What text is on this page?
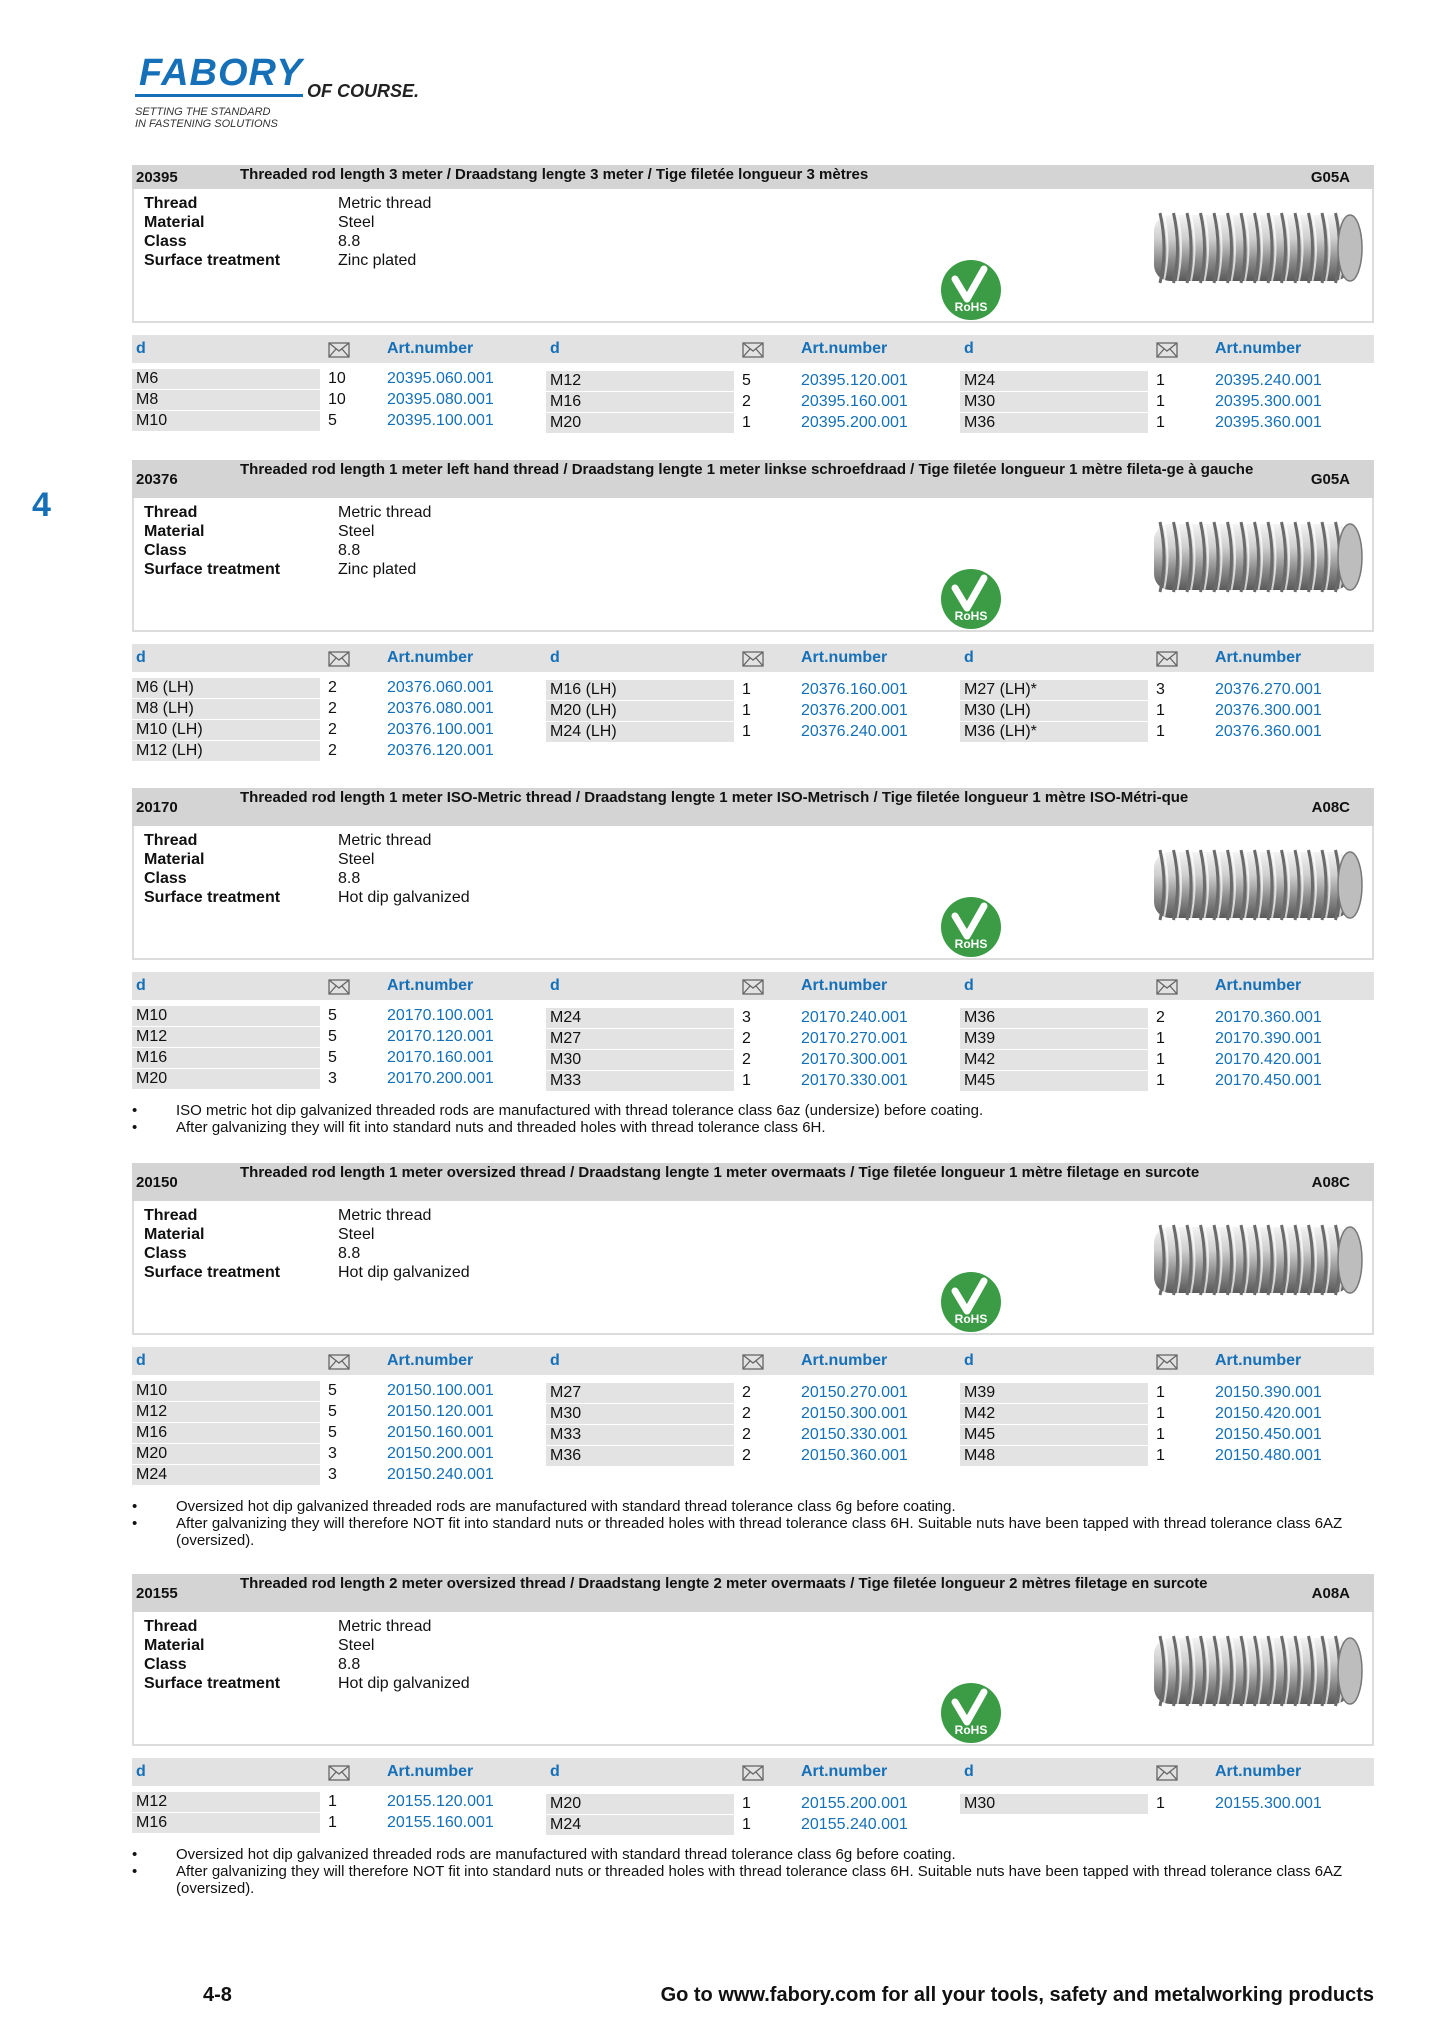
FABORY OF COURSE.
SETTING THE STANDARD
IN FASTENING SOLUTIONS
4
20395	Threaded rod length 3 meter / Draadstang lengte 3 meter / Tige filetée longueur 3 mètres	G05A
Thread	Metric thread
Material	Steel
Class	8.8
Surface treatment	Zinc plated
RoHS
d	Art.number	d	Art.number	d	Art.number
M6	10	20395.060.001
M8	10	20395.080.001
M10	5	20395.100.001
M12	5	20395.120.001
M16	2	20395.160.001
M20	1	20395.200.001
M24	1	20395.240.001
M30	1	20395.300.001
M36	1	20395.360.001
20376
Threaded rod length 1 meter left hand thread / Draadstang lengte 1 meter linkse schroefdraad / Tige filetée longueur 1 mètre fileta-ge à gauche
G05A
Thread	Metric thread
Material	Steel
Class	8.8
Surface treatment	Zinc plated
RoHS
d	Art.number	d	Art.number	d	Art.number
M6 (LH)	2	20376.060.001
M8 (LH)	2	20376.080.001
M10 (LH)	2	20376.100.001
M12 (LH)	2	20376.120.001
M16 (LH)	1	20376.160.001
M20 (LH)	1	20376.200.001
M24 (LH)	1	20376.240.001
M27 (LH)*	3	20376.270.001
M30 (LH)	1	20376.300.001
M36 (LH)*	1	20376.360.001
20170
Threaded rod length 1 meter ISO-Metric thread / Draadstang lengte 1 meter ISO-Metrisch / Tige filetée longueur 1 mètre ISO-Métri-que
A08C
Thread	Metric thread
Material	Steel
Class	8.8
Surface treatment	Hot dip galvanized
RoHS
d	Art.number	d	Art.number	d	Art.number
M10	5	20170.100.001
M12	5	20170.120.001
M16	5	20170.160.001
M20	3	20170.200.001
M24	3	20170.240.001
M27	2	20170.270.001
M30	2	20170.300.001
M33	1	20170.330.001
M36	2	20170.360.001
M39	1	20170.390.001
M42	1	20170.420.001
M45	1	20170.450.001
•	ISO metric hot dip galvanized threaded rods are manufactured with thread tolerance class 6az (undersize) before coating.
•	After galvanizing they will fit into standard nuts and threaded holes with thread tolerance class 6H.
20150
Threaded rod length 1 meter oversized thread / Draadstang lengte 1 meter overmaats / Tige filetée longueur 1 mètre filetage en surcote
A08C
Thread	Metric thread
Material	Steel
Class	8.8
Surface treatment	Hot dip galvanized
RoHS
d	Art.number	d	Art.number	d	Art.number
M10	5	20150.100.001
M12	5	20150.120.001
M16	5	20150.160.001
M20	3	20150.200.001
M24	3	20150.240.001
M27	2	20150.270.001
M30	2	20150.300.001
M33	2	20150.330.001
M36	2	20150.360.001
M39	1	20150.390.001
M42	1	20150.420.001
M45	1	20150.450.001
M48	1	20150.480.001
•	Oversized hot dip galvanized threaded rods are manufactured with standard thread tolerance class 6g before coating.
•	After galvanizing they will therefore NOT fit into standard nuts or threaded holes with thread tolerance class 6H. Suitable nuts have been tapped with thread tolerance class 6AZ (oversized).
20155
Threaded rod length 2 meter oversized thread / Draadstang lengte 2 meter overmaats / Tige filetée longueur 2 mètres filetage en surcote
A08A
Thread	Metric thread
Material	Steel
Class	8.8
Surface treatment	Hot dip galvanized
RoHS
d	Art.number	d	Art.number	d	Art.number
M12	1	20155.120.001
M16	1	20155.160.001
M20	1	20155.200.001
M24	1	20155.240.001
M30	1	20155.300.001
•	Oversized hot dip galvanized threaded rods are manufactured with standard thread tolerance class 6g before coating.
•	After galvanizing they will therefore NOT fit into standard nuts or threaded holes with thread tolerance class 6H. Suitable nuts have been tapped with thread tolerance class 6AZ (oversized).
4-8	Go to www.fabory.com for all your tools, safety and metalworking products
